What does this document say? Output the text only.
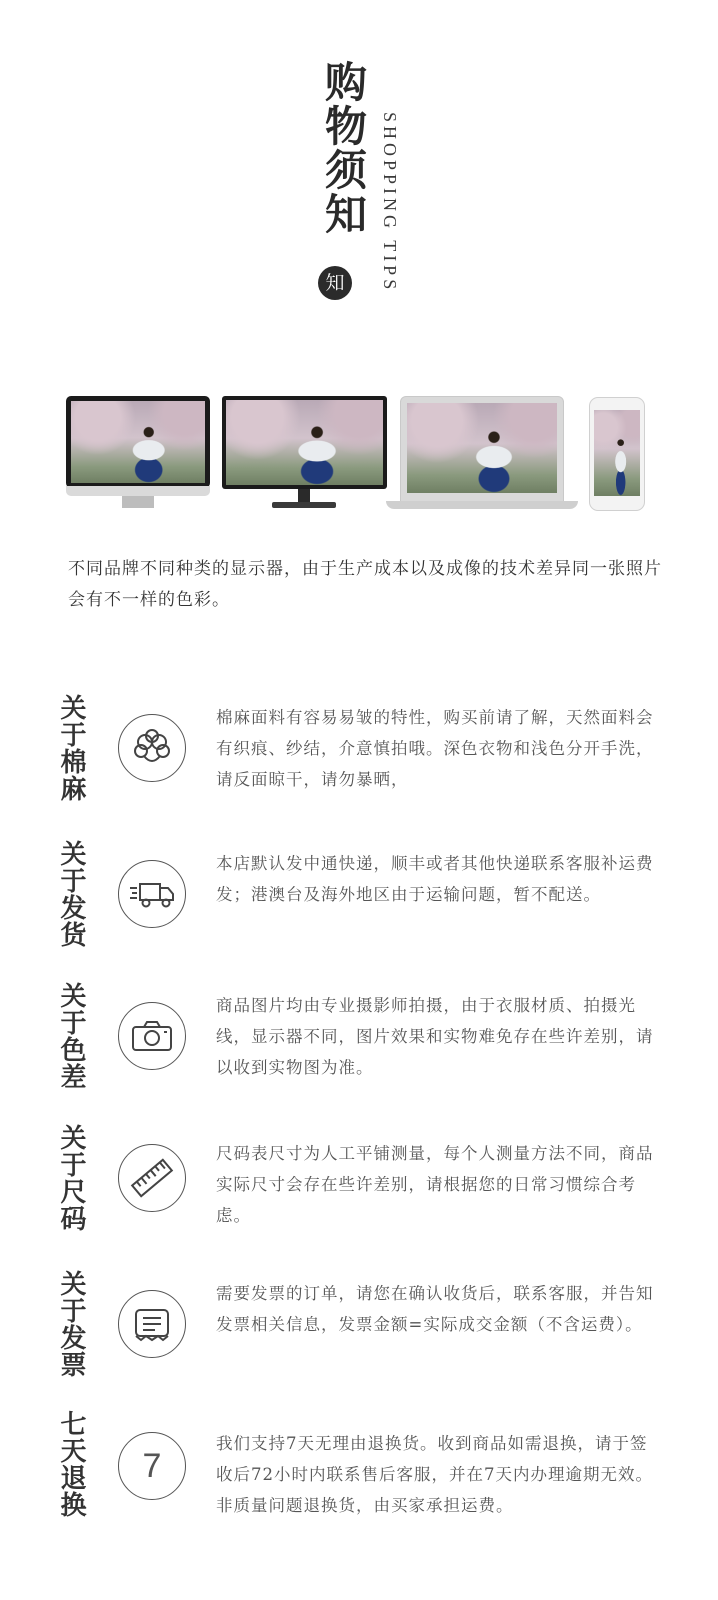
购物须知
知	SHOPPING TIPS
不同品牌不同种类的显示器，由于生产成本以及成像的技术差异同一张照片会有不一样的色彩。
关于棉麻	棉麻面料有容易易皱的特性，购买前请了解，天然面料会有织痕、纱结，介意慎拍哦。深色衣物和浅色分开手洗，请反面晾干，请勿暴晒，
关于发货	本店默认发中通快递，顺丰或者其他快递联系客服补运费发；港澳台及海外地区由于运输问题，暂不配送。
关于色差	商品图片均由专业摄影师拍摄，由于衣服材质、拍摄光线，显示器不同，图片效果和实物难免存在些许差别，请以收到实物图为准。
关于尺码	尺码表尺寸为人工平铺测量，每个人测量方法不同，商品实际尺寸会存在些许差别，请根据您的日常习惯综合考虑。
关于发票	需要发票的订单，请您在确认收货后，联系客服，并告知发票相关信息，发票金额=实际成交金额（不含运费）。
七天退换 7
我们支持7天无理由退换货。收到商品如需退换，请于签收后72小时内联系售后客服，并在7天内办理逾期无效。非质量问题退换货，由买家承担运费。
